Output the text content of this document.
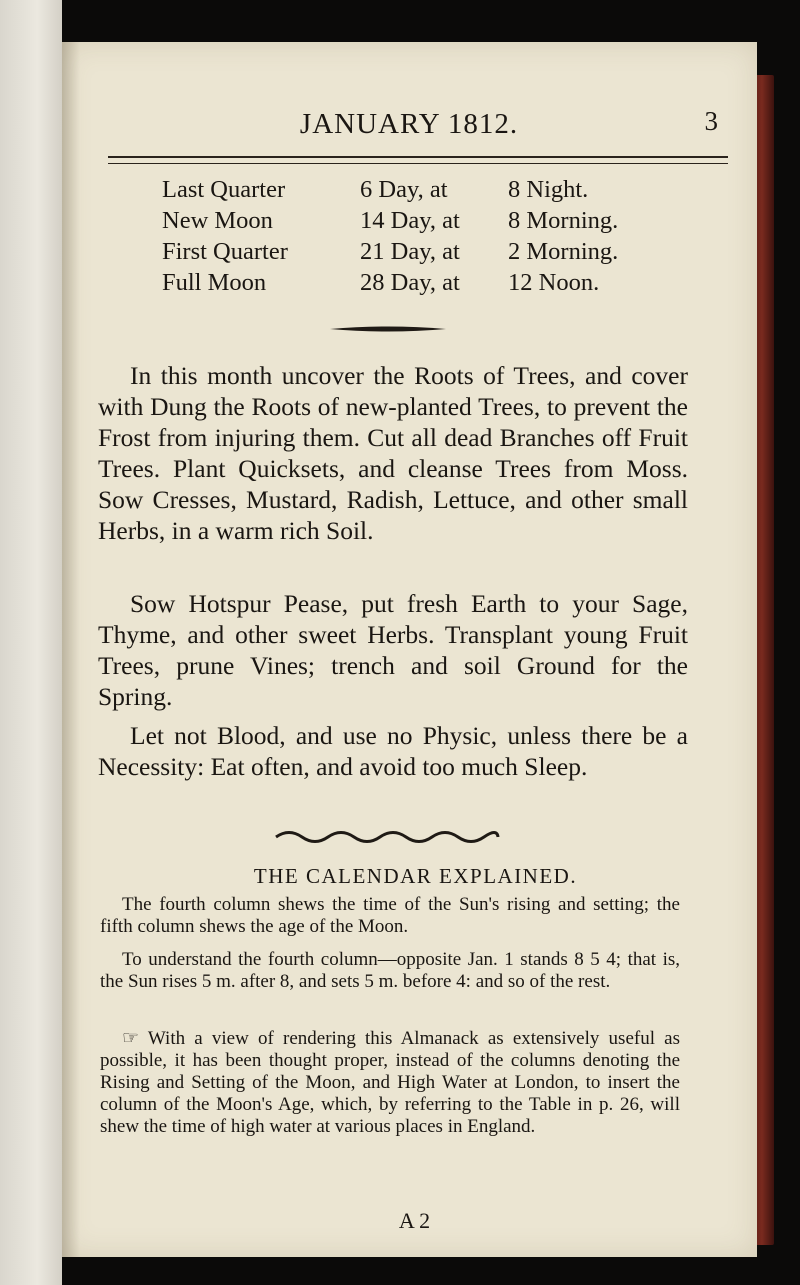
JANUARY 1812.	3
Last Quarter	6 Day, at	8 Night.
New Moon	14 Day, at	8 Morning.
First Quarter	21 Day, at	2 Morning.
Full Moon	28 Day, at	12 Noon.
In this month uncover the Roots of Trees, and cover with Dung the Roots of new-planted Trees, to prevent the Frost from injuring them. Cut all dead Branches off Fruit Trees. Plant Quicksets, and cleanse Trees from Moss. Sow Cresses, Mustard, Radish, Lettuce, and other small Herbs, in a warm rich Soil.
Sow Hotspur Pease, put fresh Earth to your Sage, Thyme, and other sweet Herbs. Transplant young Fruit Trees, prune Vines; trench and soil Ground for the Spring.
Let not Blood, and use no Physic, unless there be a Necessity: Eat often, and avoid too much Sleep.
THE CALENDAR EXPLAINED.
The fourth column shews the time of the Sun's rising and setting; the fifth column shews the age of the Moon.
To understand the fourth column—opposite Jan. 1 stands 8 5 4; that is, the Sun rises 5 m. after 8, and sets 5 m. before 4: and so of the rest.
☞ With a view of rendering this Almanack as extensively useful as possible, it has been thought proper, instead of the columns denoting the Rising and Setting of the Moon, and High Water at London, to insert the column of the Moon's Age, which, by referring to the Table in p. 26, will shew the time of high water at various places in England.
A 2
